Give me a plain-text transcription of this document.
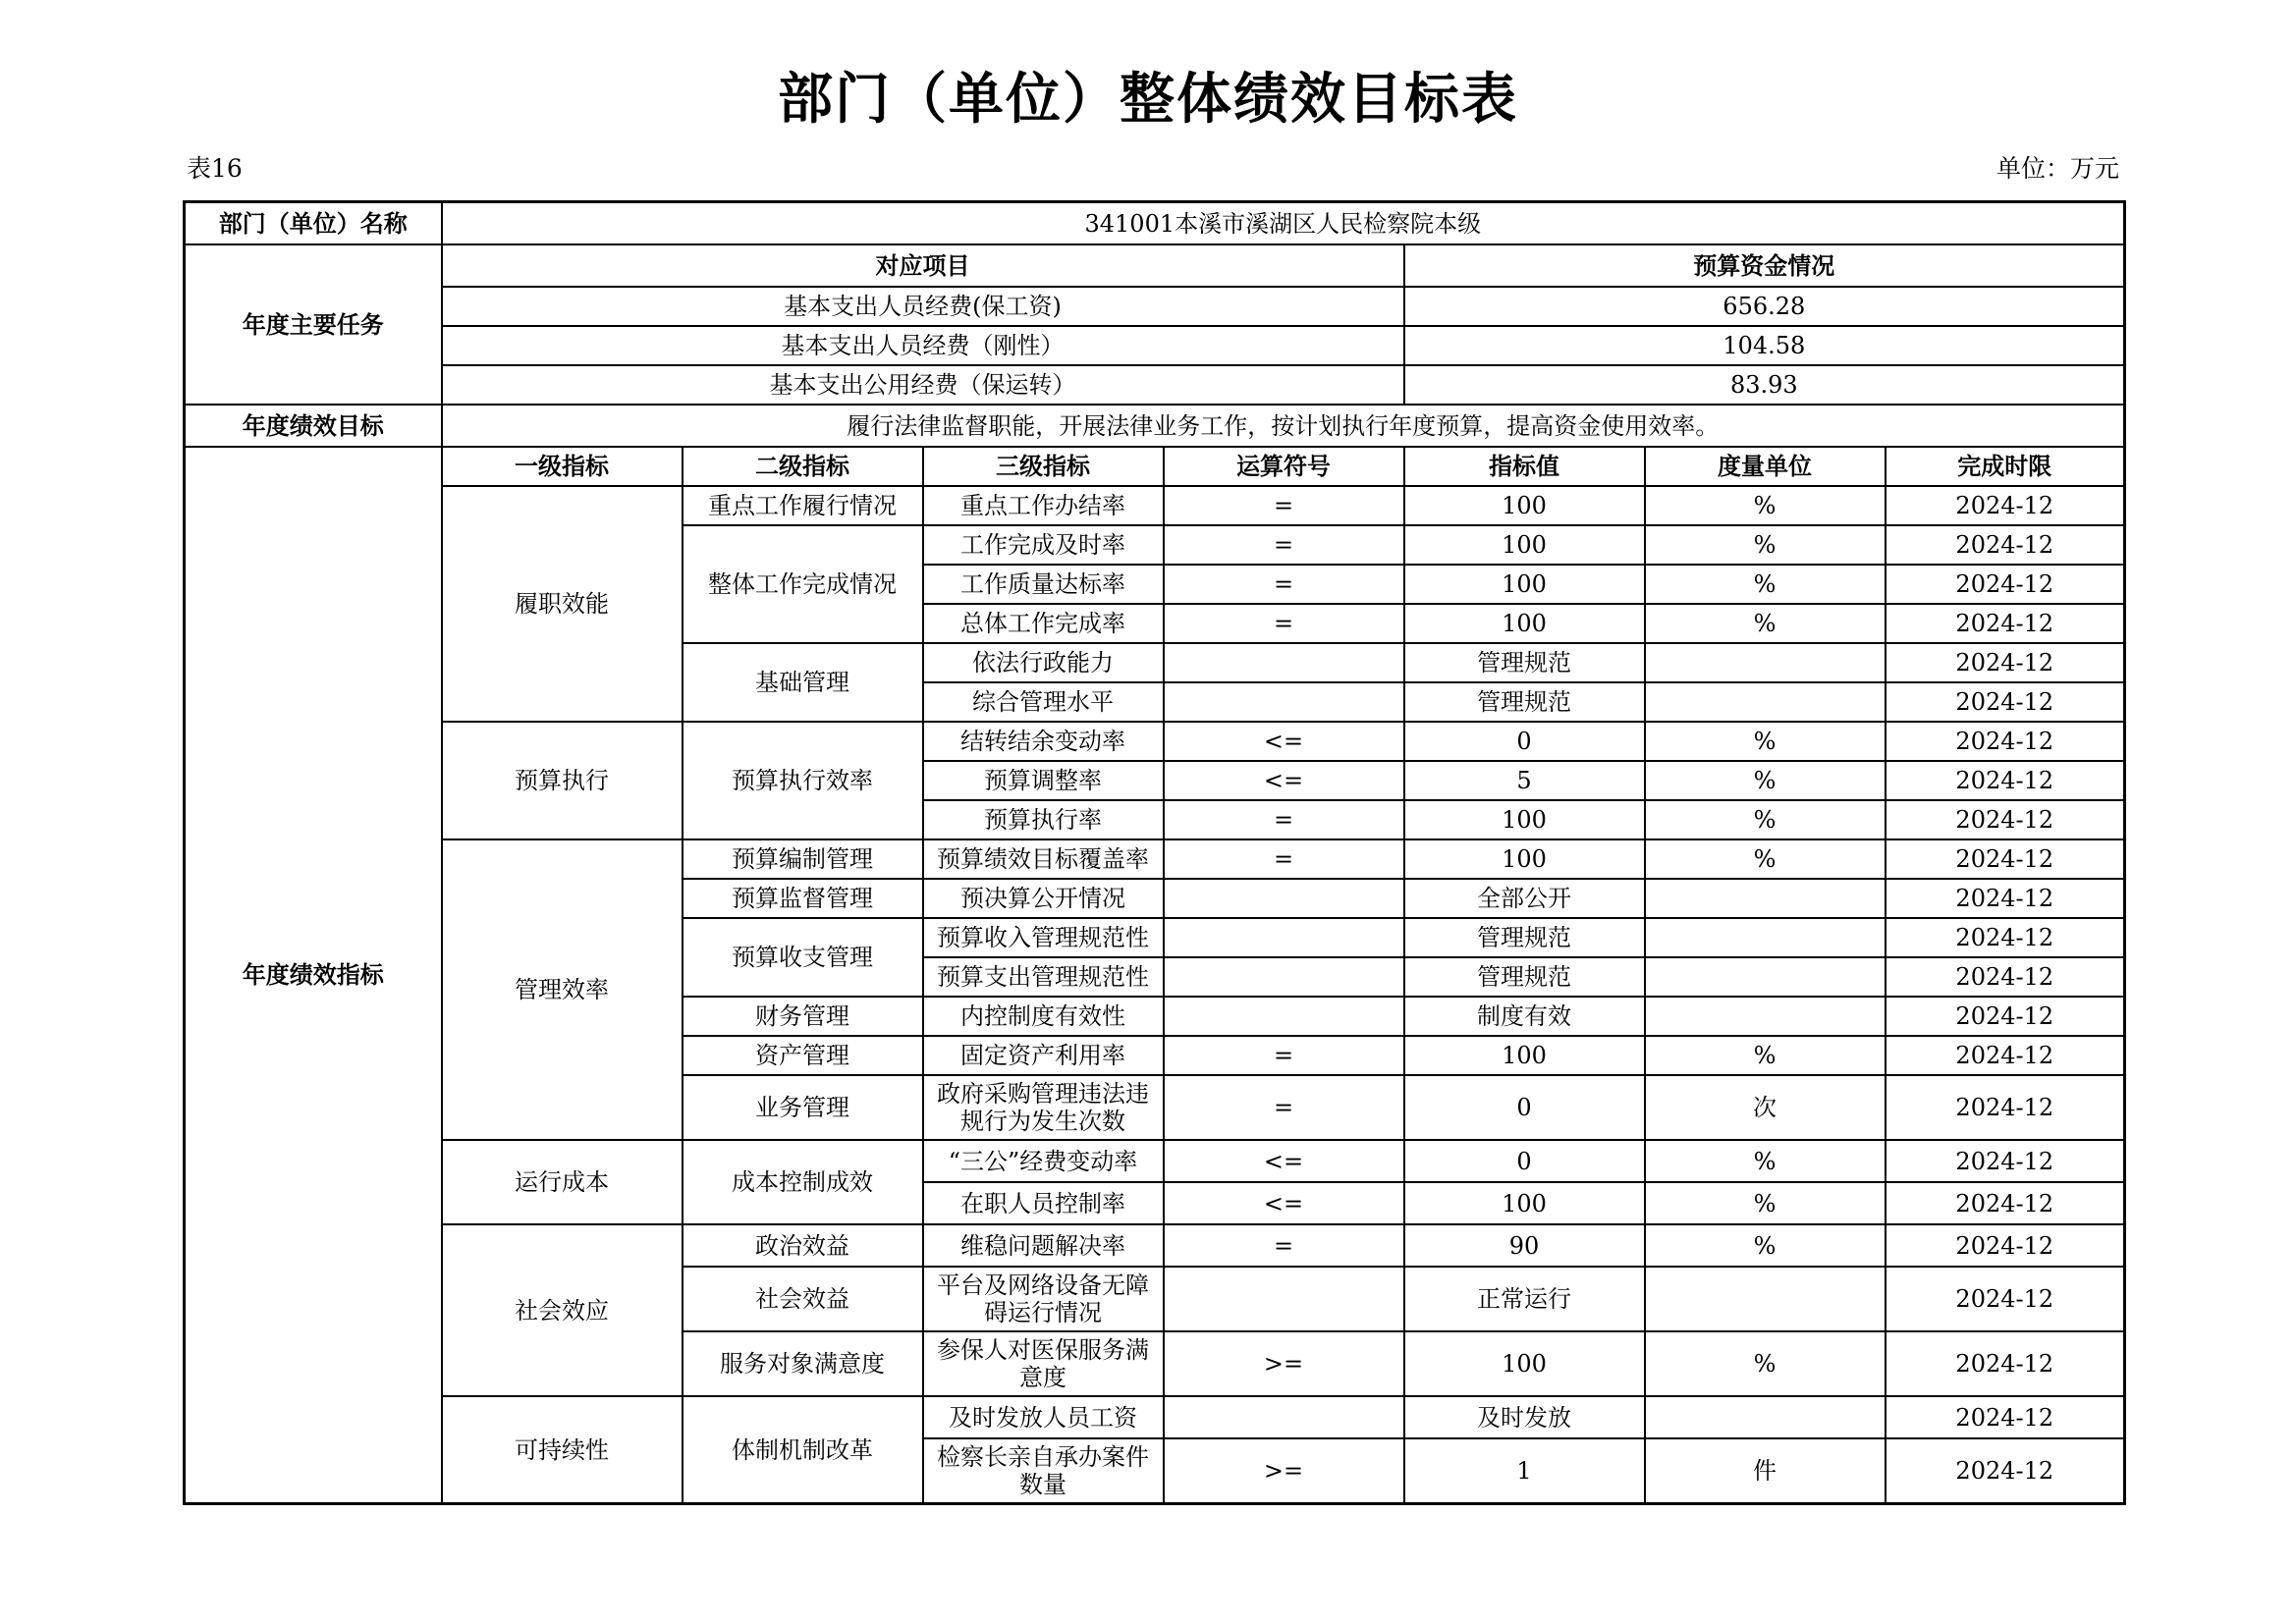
部门（单位）整体绩效目标表
表16	单位：万元
部门（单位）名称	341001本溪市溪湖区人民检察院本级						
年度主要任务	对应项目				预算资金情况		
	基本支出人员经费(保工资)				656.28		
	基本支出人员经费（刚性）				104.58		
	基本支出公用经费（保运转）				83.93		
年度绩效目标	履行法律监督职能，开展法律业务工作，按计划执行年度预算，提高资金使用效率。						
年度绩效指标	一级指标	二级指标	三级指标	运算符号	指标值	度量单位	完成时限
	履职效能	重点工作履行情况	重点工作办结率	=	100	%	2024-12
		整体工作完成情况	工作完成及时率	=	100	%	2024-12
			工作质量达标率	=	100	%	2024-12
			总体工作完成率	=	100	%	2024-12
		基础管理	依法行政能力		管理规范		2024-12
			综合管理水平		管理规范		2024-12
	预算执行	预算执行效率	结转结余变动率	<=	0	%	2024-12
			预算调整率	<=	5	%	2024-12
			预算执行率	=	100	%	2024-12
	管理效率	预算编制管理	预算绩效目标覆盖率	=	100	%	2024-12
		预算监督管理	预决算公开情况		全部公开		2024-12
		预算收支管理	预算收入管理规范性		管理规范		2024-12
			预算支出管理规范性		管理规范		2024-12
		财务管理	内控制度有效性		制度有效		2024-12
		资产管理	固定资产利用率	=	100	%	2024-12
		业务管理	政府采购管理违法违规行为发生次数	=	0	次	2024-12
	运行成本	成本控制成效	“三公”经费变动率	<=	0	%	2024-12
			在职人员控制率	<=	100	%	2024-12
	社会效应	政治效益	维稳问题解决率	=	90	%	2024-12
		社会效益	平台及网络设备无障碍运行情况		正常运行		2024-12
		服务对象满意度	参保人对医保服务满意度	>=	100	%	2024-12
	可持续性	体制机制改革	及时发放人员工资		及时发放		2024-12
			检察长亲自承办案件数量	>=	1	件	2024-12
